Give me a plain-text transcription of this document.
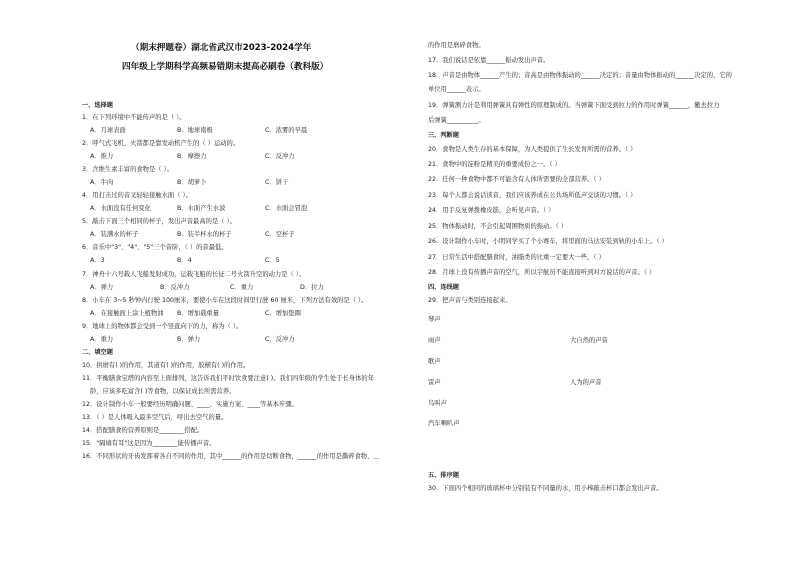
（期末押题卷）湖北省武汉市2023-2024学年
四年级上学期科学高频易错期末提高必刷卷（教科版）
一、选择题
1．在下列环境中不能传声的是（ ）。
A．月球表面	B．地球南极	C．浓雾的早晨
2．呼气式飞机、火箭都是靠发动机产生的（ ）运动的。
A．推力	B．摩擦力	C．反冲力
3．含维生素丰富的食物是（ ）。
A．牛肉	B．胡萝卜	C．饼干
4．用打击过的音叉轻轻接触水面（ ）。
A．水面没有任何变化	B．水面产生水波	C．水面会冒泡
5．敲击下面三个相同的杯子，发出声音最高的是（ ）。
A．装满水的杯子	B．装半杯水的杯子	C．空杯子
6．音乐中"3"、"4"、"5"三个音阶，（ ）的音最低。
A．3	B．4	C．5
7．神舟十六号载人飞船发射成功，运载飞船的长征二号火箭升空的动力是（ ）。
A．弹力	B．反冲力	C．重力	D．拉力
8．小车在 3~5 秒钟内行驶 100厘米，要使小车在这段时间里行驶 60 厘米，下列方法有效的是（ ）。
A．在接触面上涂上植物油 B．增加载重量	C．增加垫圈
9．地球上的物体都会受到一个竖直向下的力，称为（ ）。
A．重力	B．弹力	C．反冲力
二、填空题
10．拱磨有( )的作用，其道有( )的作用，胶横有( )的作用。
11．平衡膳食宝塔的内容至上面排列，这告诉我们平时饮食要注意( )。我们四年级的学生处于长身体的年
龄，应该多吃富含( )等食物，以保证成长所需营养。
12．设计制作小车一般要经历明确问题、____、实施方案、____等基本步骤。
13．（ ）是人体吸入最多空气后，呼出去空气的量。
14．搭配膳食的营养原则是________搭配。
15．"隔墙有耳"这是因为________能传播声音。
16．不同形状的牙齿发挥着各自不同的作用，其中______的作用是切断食物，______的作用是撕碎食物，＿
的作用是磨碎食物。
17．我们说话是依靠______振动发出声音。
18．声音是由物体______产生的；音高是由物体振动的______决定的；音量由物体振动的______决定的，它的
单位用______表示。
19．弹簧测力计是利用弹簧具有弹性的原理制成的。当弹簧下面受到拉力的作用时弹簧______，撤去拉力
后弹簧__________。
三、判断题
20．食物是人类生存的基本保障，为人类提供了生长发育所需的营养。（ ）
21．食物中的淀粉是精美的重要成份之一。（ ）
22．任何一种食物中都不可能含有人体所需要的全部营养。（ ）
23．每个人都会说话读音，我们应该养成在公共场所低声交谈的习惯。（ ）
24．用手反复弹拨橡皮筋，会听见声音。（ ）
25．物体振动时，不会引起周围物质的振动。（ ）
26．设计制作小车时，小明同学买了个小赛车，将里面的马达安装到轨的小车上。（ ）
27．日常生活中搭配膳食时，油脂类的比重一定要大一些。（ ）
28．月球上没有传播声音的空气，所以宇航员不能直接听到对方说话的声音。（ ）
四、连线题
29．把声音与类别连接起来。
琴声
雨声
歌声
雷声
鸟叫声
汽车喇叭声
大自然的声音
人为的声音
五、排序题
30．下面四个相同的玻璃杯中分别装有不同量的水，用小棒敲击杯口都会发出声音。
